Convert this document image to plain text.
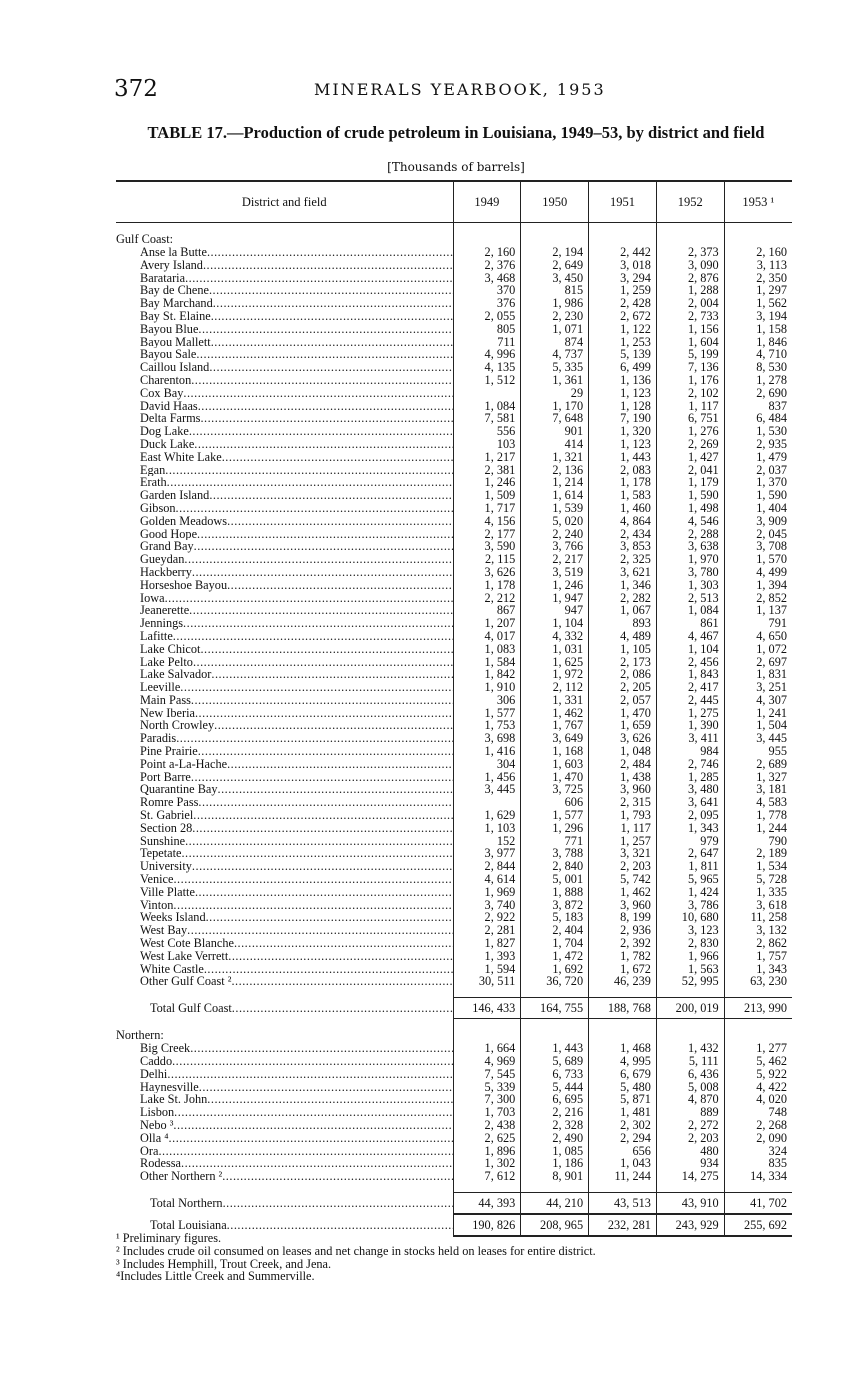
372	MINERALS YEARBOOK, 1953
TABLE 17.—Production of crude petroleum in Louisiana, 1949–53, by district and field
[Thousands of barrels]
District and field	1949	1950	1951	1952	1953 ¹

Gulf Coast:					
Anse la Butte .....	2, 160	2, 194	2, 442	2, 373	2, 160
Avery Island .....	2, 376	2, 649	3, 018	3, 090	3, 113
Barataria .....	3, 468	3, 450	3, 294	2, 876	2, 350
Bay de Chene .....	370	815	1, 259	1, 288	1, 297
Bay Marchand .....	376	1, 986	2, 428	2, 004	1, 562
Bay St. Elaine .....	2, 055	2, 230	2, 672	2, 733	3, 194
Bayou Blue .....	805	1, 071	1, 122	1, 156	1, 158
Bayou Mallett .....	711	874	1, 253	1, 604	1, 846
Bayou Sale .....	4, 996	4, 737	5, 139	5, 199	4, 710
Caillou Island .....	4, 135	5, 335	6, 499	7, 136	8, 530
Charenton .....	1, 512	1, 361	1, 136	1, 176	1, 278
Cox Bay .....		29	1, 123	2, 102	2, 690
David Haas .....	1, 084	1, 170	1, 128	1, 117	837
Delta Farms .....	7, 581	7, 648	7, 190	6, 751	6, 484
Dog Lake .....	556	901	1, 320	1, 276	1, 530
Duck Lake .....	103	414	1, 123	2, 269	2, 935
East White Lake .....	1, 217	1, 321	1, 443	1, 427	1, 479
Egan .....	2, 381	2, 136	2, 083	2, 041	2, 037
Erath .....	1, 246	1, 214	1, 178	1, 179	1, 370
Garden Island .....	1, 509	1, 614	1, 583	1, 590	1, 590
Gibson .....	1, 717	1, 539	1, 460	1, 498	1, 404
Golden Meadows .....	4, 156	5, 020	4, 864	4, 546	3, 909
Good Hope .....	2, 177	2, 240	2, 434	2, 288	2, 045
Grand Bay .....	3, 590	3, 766	3, 853	3, 638	3, 708
Gueydan .....	2, 115	2, 217	2, 325	1, 970	1, 570
Hackberry .....	3, 626	3, 519	3, 621	3, 780	4, 499
Horseshoe Bayou .....	1, 178	1, 246	1, 346	1, 303	1, 394
Iowa .....	2, 212	1, 947	2, 282	2, 513	2, 852
Jeanerette .....	867	947	1, 067	1, 084	1, 137
Jennings .....	1, 207	1, 104	893	861	791
Lafitte .....	4, 017	4, 332	4, 489	4, 467	4, 650
Lake Chicot .....	1, 083	1, 031	1, 105	1, 104	1, 072
Lake Pelto .....	1, 584	1, 625	2, 173	2, 456	2, 697
Lake Salvador .....	1, 842	1, 972	2, 086	1, 843	1, 831
Leeville .....	1, 910	2, 112	2, 205	2, 417	3, 251
Main Pass .....	306	1, 331	2, 057	2, 445	4, 307
New Iberia .....	1, 577	1, 462	1, 470	1, 275	1, 241
North Crowley .....	1, 753	1, 767	1, 659	1, 390	1, 504
Paradis .....	3, 698	3, 649	3, 626	3, 411	3, 445
Pine Prairie .....	1, 416	1, 168	1, 048	984	955
Point a-La-Hache .....	304	1, 603	2, 484	2, 746	2, 689
Port Barre .....	1, 456	1, 470	1, 438	1, 285	1, 327
Quarantine Bay .....	3, 445	3, 725	3, 960	3, 480	3, 181
Romre Pass .....		606	2, 315	3, 641	4, 583
St. Gabriel .....	1, 629	1, 577	1, 793	2, 095	1, 778
Section 28 .....	1, 103	1, 296	1, 117	1, 343	1, 244
Sunshine .....	152	771	1, 257	979	790
Tepetate .....	3, 977	3, 788	3, 321	2, 647	2, 189
University .....	2, 844	2, 840	2, 203	1, 811	1, 534
Venice .....	4, 614	5, 001	5, 742	5, 965	5, 728
Ville Platte .....	1, 969	1, 888	1, 462	1, 424	1, 335
Vinton .....	3, 740	3, 872	3, 960	3, 786	3, 618
Weeks Island .....	2, 922	5, 183	8, 199	10, 680	11, 258
West Bay .....	2, 281	2, 404	2, 936	3, 123	3, 132
West Cote Blanche .....	1, 827	1, 704	2, 392	2, 830	2, 862
West Lake Verrett .....	1, 393	1, 472	1, 782	1, 966	1, 757
White Castle .....	1, 594	1, 692	1, 672	1, 563	1, 343
Other Gulf Coast ² .....	30, 511	36, 720	46, 239	52, 995	63, 230

Total Gulf Coast .....	146, 433	164, 755	188, 768	200, 019	213, 990

Northern:					
Big Creek .....	1, 664	1, 443	1, 468	1, 432	1, 277
Caddo .....	4, 969	5, 689	4, 995	5, 111	5, 462
Delhi .....	7, 545	6, 733	6, 679	6, 436	5, 922
Haynesville .....	5, 339	5, 444	5, 480	5, 008	4, 422
Lake St. John .....	7, 300	6, 695	5, 871	4, 870	4, 020
Lisbon .....	1, 703	2, 216	1, 481	889	748
Nebo ³ .....	2, 438	2, 328	2, 302	2, 272	2, 268
Olla ⁴ .....	2, 625	2, 490	2, 294	2, 203	2, 090
Ora .....	1, 896	1, 085	656	480	324
Rodessa .....	1, 302	1, 186	1, 043	934	835
Other Northern ² .....	7, 612	8, 901	11, 244	14, 275	14, 334

Total Northern .....	44, 393	44, 210	43, 513	43, 910	41, 702
Total Louisiana .....	190, 826	208, 965	232, 281	243, 929	255, 692
¹ Preliminary figures.
² Includes crude oil consumed on leases and net change in stocks held on leases for entire district.
³ Includes Hemphill, Trout Creek, and Jena.
⁴Includes Little Creek and Summerville.
